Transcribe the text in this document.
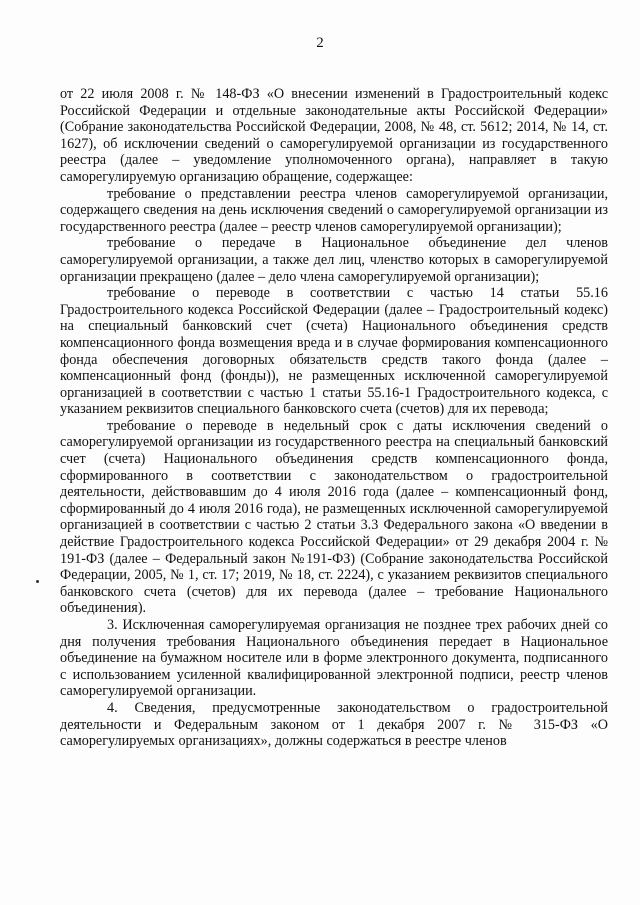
2

от 22 июля 2008 г. № 148-ФЗ «О внесении изменений в Градостроительный кодекс Российской Федерации и отдельные законодательные акты Российской Федерации» (Собрание законодательства Российской Федерации, 2008, № 48, ст. 5612; 2014, № 14, ст. 1627), об исключении сведений о саморегулируемой организации из государственного реестра (далее – уведомление уполномоченного органа), направляет в такую саморегулируемую организацию обращение, содержащее:

требование о представлении реестра членов саморегулируемой организации, содержащего сведения на день исключения сведений о саморегулируемой организации из государственного реестра (далее – реестр членов саморегулируемой организации);

требование о передаче в Национальное объединение дел членов саморегулируемой организации, а также дел лиц, членство которых в саморегулируемой организации прекращено (далее – дело члена саморегулируемой организации);

требование о переводе в соответствии с частью 14 статьи 55.16 Градостроительного кодекса Российской Федерации (далее – Градостроительный кодекс) на специальный банковский счет (счета) Национального объединения средств компенсационного фонда возмещения вреда и в случае формирования компенсационного фонда обеспечения договорных обязательств средств такого фонда (далее – компенсационный фонд (фонды)), не размещенных исключенной саморегулируемой организацией в соответствии с частью 1 статьи 55.16-1 Градостроительного кодекса, с указанием реквизитов специального банковского счета (счетов) для их перевода;

требование о переводе в недельный срок с даты исключения сведений о саморегулируемой организации из государственного реестра на специальный банковский счет (счета) Национального объединения средств компенсационного фонда, сформированного в соответствии с законодательством о градостроительной деятельности, действовавшим до 4 июля 2016 года (далее – компенсационный фонд, сформированный до 4 июля 2016 года), не размещенных исключенной саморегулируемой организацией в соответствии с частью 2 статьи 3.3 Федерального закона «О введении в действие Градостроительного кодекса Российской Федерации» от 29 декабря 2004 г. № 191-ФЗ (далее – Федеральный закон №191-ФЗ) (Собрание законодательства Российской Федерации, 2005, № 1, ст. 17; 2019, № 18, ст. 2224), с указанием реквизитов специального банковского счета (счетов) для их перевода (далее – требование Национального объединения).

3. Исключенная саморегулируемая организация не позднее трех рабочих дней со дня получения требования Национального объединения передает в Национальное объединение на бумажном носителе или в форме электронного документа, подписанного с использованием усиленной квалифицированной электронной подписи, реестр членов саморегулируемой организации.

4. Сведения, предусмотренные законодательством о градостроительной деятельности и Федеральным законом от 1 декабря 2007 г. № 315-ФЗ «О саморегулируемых организациях», должны содержаться в реестре членов
